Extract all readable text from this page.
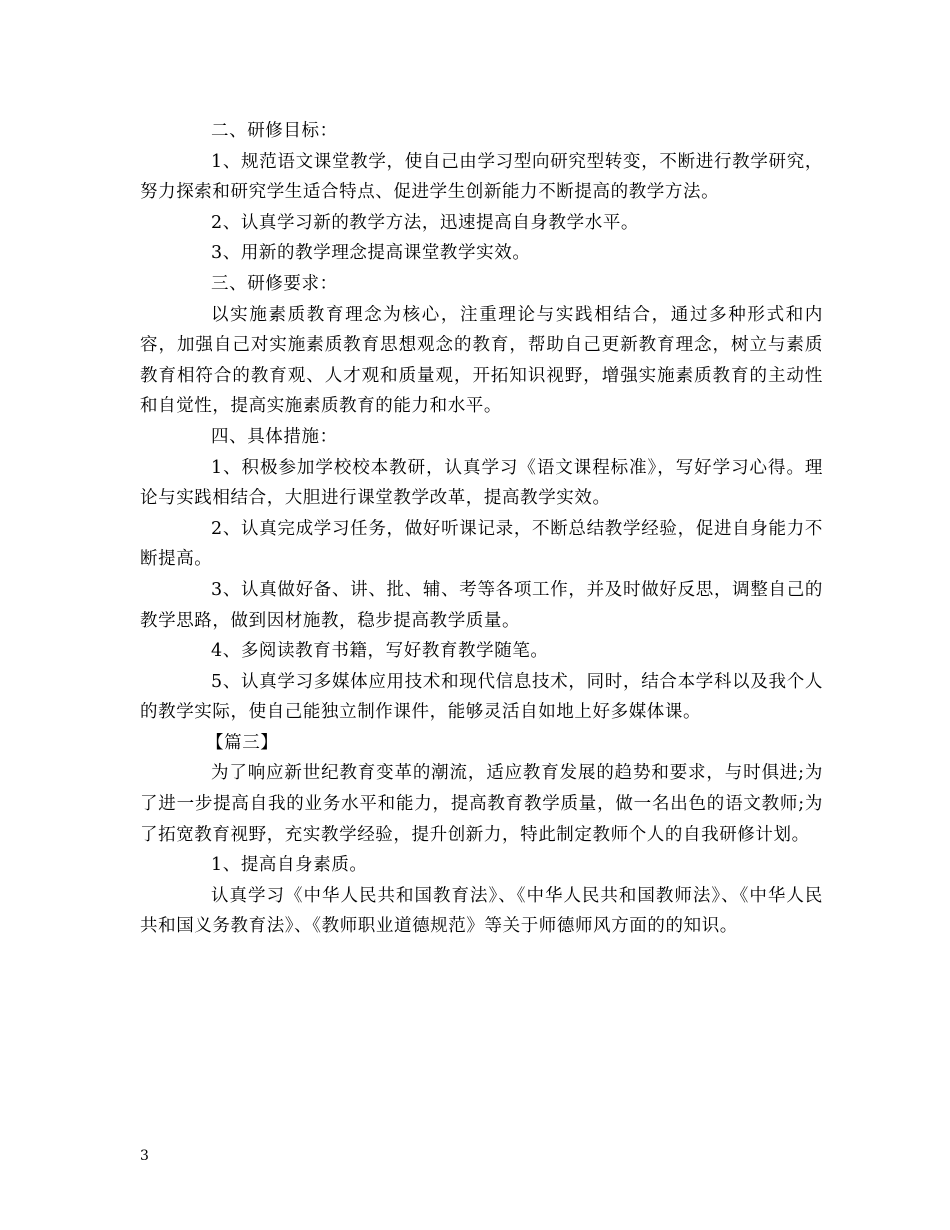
二、研修目标：

1、规范语文课堂教学，使自己由学习型向研究型转变，不断进行教学研究，努力探索和研究学生适合特点、促进学生创新能力不断提高的教学方法。

2、认真学习新的教学方法，迅速提高自身教学水平。

3、用新的教学理念提高课堂教学实效。

三、研修要求：

以实施素质教育理念为核心，注重理论与实践相结合，通过多种形式和内容，加强自己对实施素质教育思想观念的教育，帮助自己更新教育理念，树立与素质教育相符合的教育观、人才观和质量观，开拓知识视野，增强实施素质教育的主动性和自觉性，提高实施素质教育的能力和水平。

四、具体措施：

1、积极参加学校校本教研，认真学习《语文课程标准》，写好学习心得。理论与实践相结合，大胆进行课堂教学改革，提高教学实效。

2、认真完成学习任务，做好听课记录，不断总结教学经验，促进自身能力不断提高。

3、认真做好备、讲、批、辅、考等各项工作，并及时做好反思，调整自己的教学思路，做到因材施教，稳步提高教学质量。

4、多阅读教育书籍，写好教育教学随笔。

5、认真学习多媒体应用技术和现代信息技术，同时，结合本学科以及我个人的教学实际，使自己能独立制作课件，能够灵活自如地上好多媒体课。

【篇三】

为了响应新世纪教育变革的潮流，适应教育发展的趋势和要求，与时俱进;为了进一步提高自我的业务水平和能力，提高教育教学质量，做一名出色的语文教师;为了拓宽教育视野，充实教学经验，提升创新力，特此制定教师个人的自我研修计划。

1、提高自身素质。

认真学习《中华人民共和国教育法》、《中华人民共和国教师法》、《中华人民共和国义务教育法》、《教师职业道德规范》等关于师德师风方面的的知识。

3
